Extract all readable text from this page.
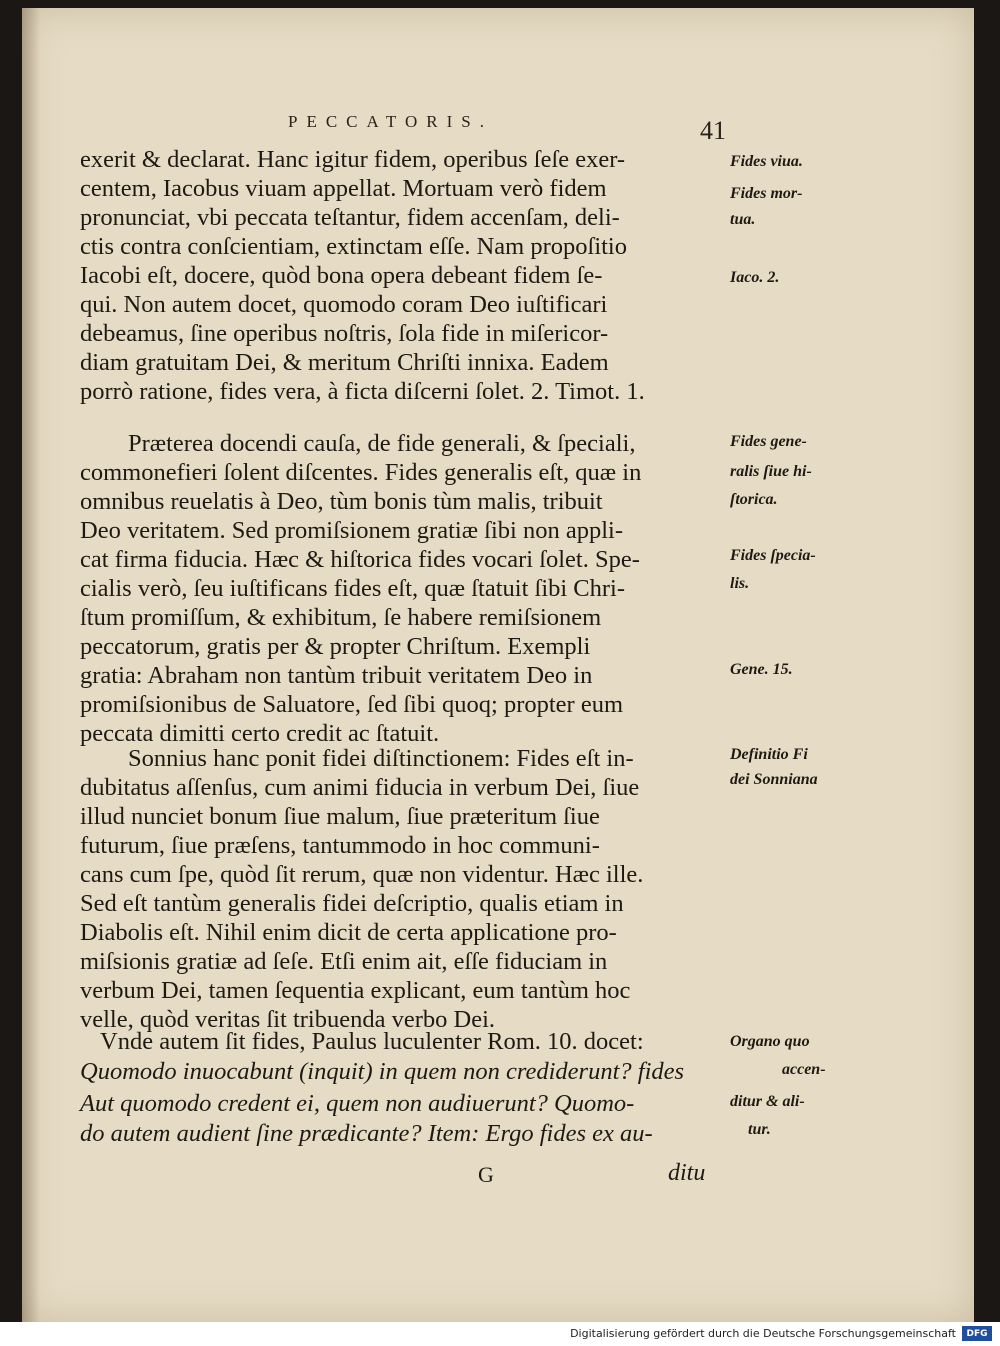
PECCATORIS.	41
exerit & declarat. Hanc igitur fidem, operibus ſeſe exer-
centem, Iacobus viuam appellat. Mortuam verò fidem
pronunciat, vbi peccata teſtantur, fidem accenſam, deli-
ctis contra conſcientiam, extinctam eſſe. Nam propoſitio
Iacobi eſt, docere, quòd bona opera debeant fidem ſe-
qui. Non autem docet, quomodo coram Deo iuſtificari
debeamus, ſine operibus noſtris, ſola fide in miſericor-
diam gratuitam Dei, & meritum Chriſti innixa. Eadem
porrò ratione, fides vera, à ficta diſcerni ſolet. 2. Timot. 1.
Præterea docendi cauſa, de fide generali, & ſpeciali,
commonefieri ſolent diſcentes. Fides generalis eſt, quæ in
omnibus reuelatis à Deo, tùm bonis tùm malis, tribuit
Deo veritatem. Sed promiſsionem gratiæ ſibi non appli-
cat firma fiducia. Hæc & hiſtorica fides vocari ſolet. Spe-
cialis verò, ſeu iuſtificans fides eſt, quæ ſtatuit ſibi Chri-
ſtum promiſſum, & exhibitum, ſe habere remiſsionem
peccatorum, gratis per & propter Chriſtum. Exempli
gratia: Abraham non tantùm tribuit veritatem Deo in
promiſsionibus de Saluatore, ſed ſibi quoq; propter eum
peccata dimitti certo credit ac ſtatuit.
Sonnius hanc ponit fidei diſtinctionem: Fides eſt in-
dubitatus aſſenſus, cum animi fiducia in verbum Dei, ſiue
illud nunciet bonum ſiue malum, ſiue præteritum ſiue
futurum, ſiue præſens, tantummodo in hoc communi-
cans cum ſpe, quòd ſit rerum, quæ non videntur. Hæc ille.
Sed eſt tantùm generalis fidei deſcriptio, qualis etiam in
Diabolis eſt. Nihil enim dicit de certa applicatione pro-
miſsionis gratiæ ad ſeſe. Etſi enim ait, eſſe fiduciam in
verbum Dei, tamen ſequentia explicant, eum tantùm hoc
velle, quòd veritas ſit tribuenda verbo Dei.
Vnde autem ſit fides, Paulus luculenter Rom. 10. docet:
Quomodo inuocabunt (inquit) in quem non crediderunt? fides
Aut quomodo credent ei, quem non audiuerunt? Quomo-
do autem audient ſine prædicante? Item: Ergo fides ex au-
Fides viua.
Fides mor-
tua.
Iaco. 2.
Fides gene-
ralis ſiue hi-
ſtorica.
Fides ſpecia-
lis.
Gene. 15.
Definitio Fi
dei Sonniana
Organo quo
accen-
ditur & ali-
tur.
G	ditu
Digitalisierung gefördert durch die Deutsche Forschungsgemeinschaft	DFG
